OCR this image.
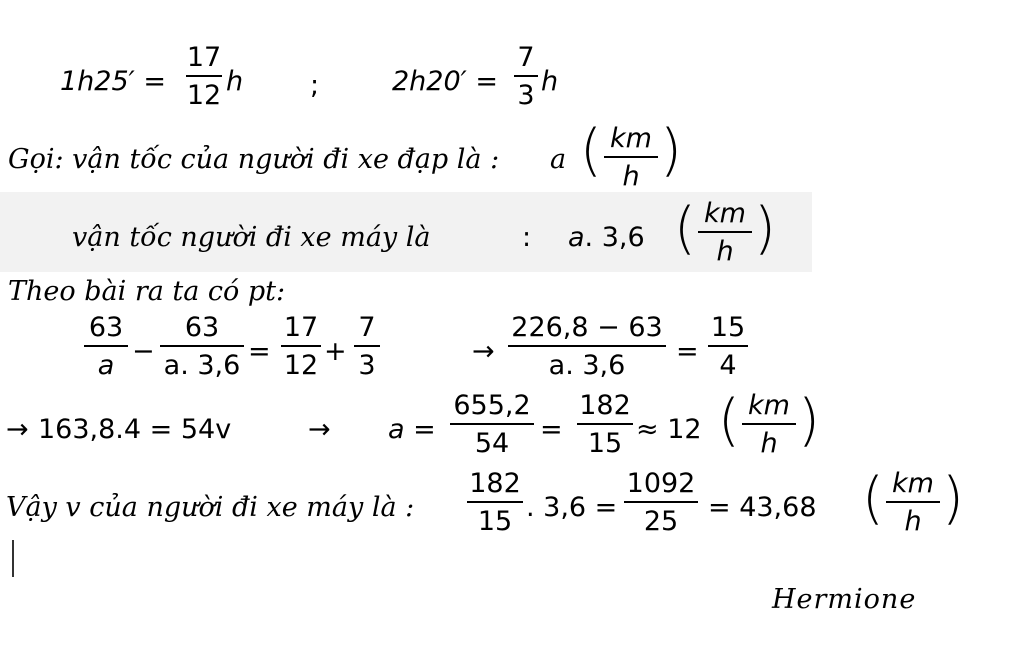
1h25′ =
17
12 h ;	2h20′ =
7
3 h
Gọi: vận tốc của người đi xe đạp là : a ( km
h )
vận tốc người đi xe máy là	: a. 3,6 ( km
h )
Theo bài ra ta có pt:
63
a −
63
a. 3,6 =
17
12 +
7
3	→
226,8 − 63
a. 3,6	=
15
4
→ 163,8.4 = 54v	→ a =
655,2
54	=
182
15 ≈ 12 ( km
h )
Vậy v của người đi xe máy là :
182
15 . 3,6 =
1092
25	= 43,68 ( km
h )
Hermione
